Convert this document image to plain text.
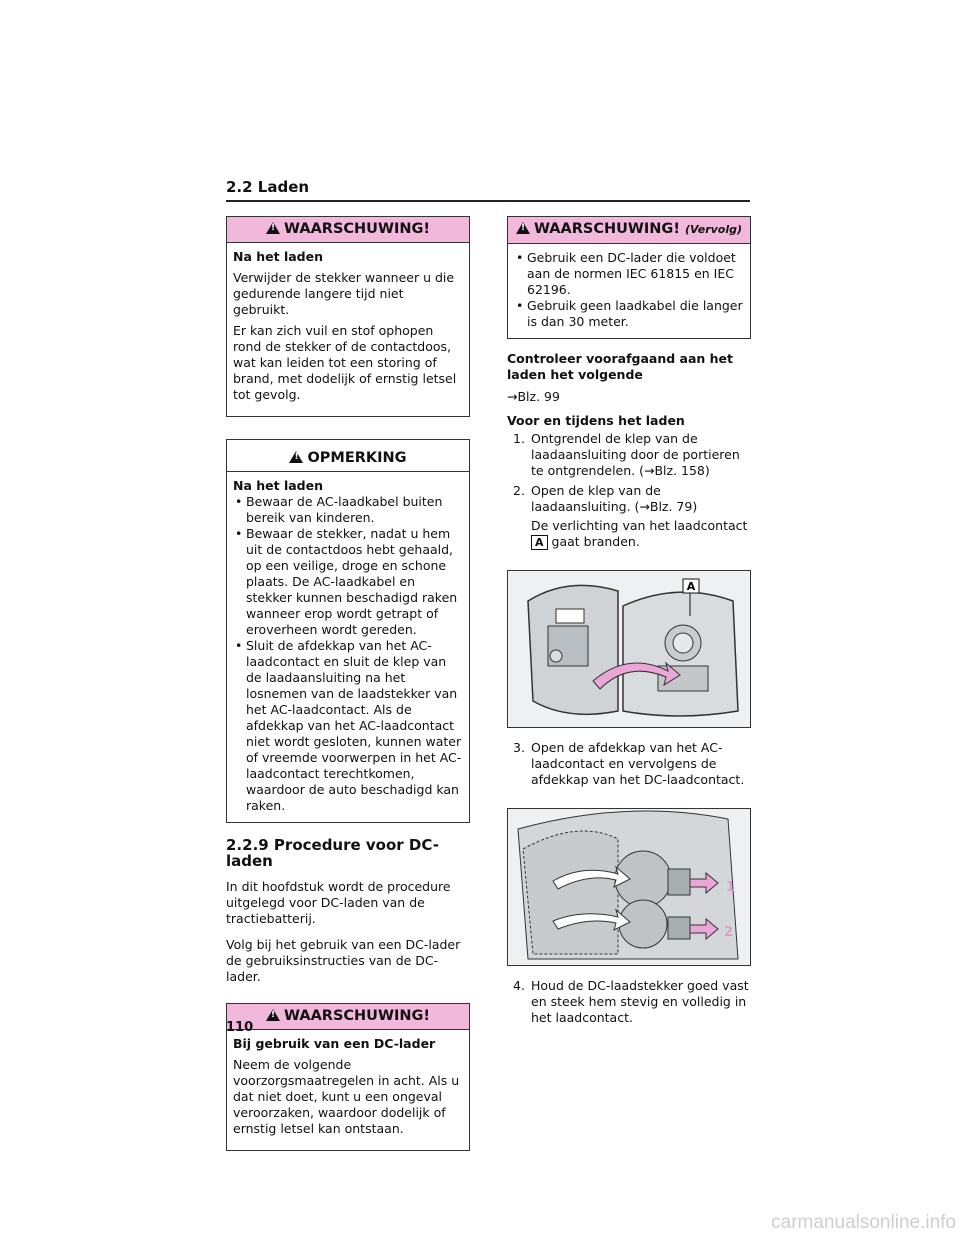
2.2 Laden
!WAARSCHUWING!

Na het laden

Verwijder de stekker wanneer u die gedurende langere tijd niet gebruikt.

Er kan zich vuil en stof ophopen rond de stekker of de contactdoos, wat kan leiden tot een storing of brand, met dodelijk of ernstig letsel tot gevolg.

!OPMERKING

Na het laden

• Bewaar de AC-laadkabel buiten bereik van kinderen.
• Bewaar de stekker, nadat u hem uit de contactdoos hebt gehaald, op een veilige, droge en schone plaats. De AC-laadkabel en stekker kunnen beschadigd raken wanneer erop wordt getrapt of eroverheen wordt gereden.
• Sluit de afdekkap van het AC-laadcontact en sluit de klep van de laadaansluiting na het losnemen van de laadstekker van het AC-laadcontact. Als de afdekkap van het AC-laadcontact niet wordt gesloten, kunnen water of vreemde voorwerpen in het AC-laadcontact terechtkomen, waardoor de auto beschadigd kan raken.
2.2.9 Procedure voor DC-laden

In dit hoofdstuk wordt de procedure uitgelegd voor DC-laden van de tractiebatterij.

Volg bij het gebruik van een DC-lader de gebruiksinstructies van de DC-lader.

!WAARSCHUWING!

Bij gebruik van een DC-lader

Neem de volgende voorzorgsmaatregelen in acht. Als u dat niet doet, kunt u een ongeval veroorzaken, waardoor dodelijk of ernstig letsel kan ontstaan.

!WAARSCHUWING! (Vervolg)
• Gebruik een DC-lader die voldoet aan de normen IEC 61815 en IEC 62196.
• Gebruik geen laadkabel die langer is dan 30 meter.

Controleer voorafgaand aan het laden het volgende

→Blz. 99

Voor en tijdens het laden

1. Ontgrendel de klep van de laadaansluiting door de portieren te ontgrendelen. (→Blz. 158)

2. Open de klep van de laadaansluiting. (→Blz. 79)

De verlichting van het laadcontact
A gaat branden.

A
3. Open de afdekkap van het AC-laadcontact en vervolgens de afdekkap van het DC-laadcontact.

1
2
4. Houd de DC-laadstekker goed vast en steek hem stevig en volledig in het laadcontact.

110
carmanualsonline.info
